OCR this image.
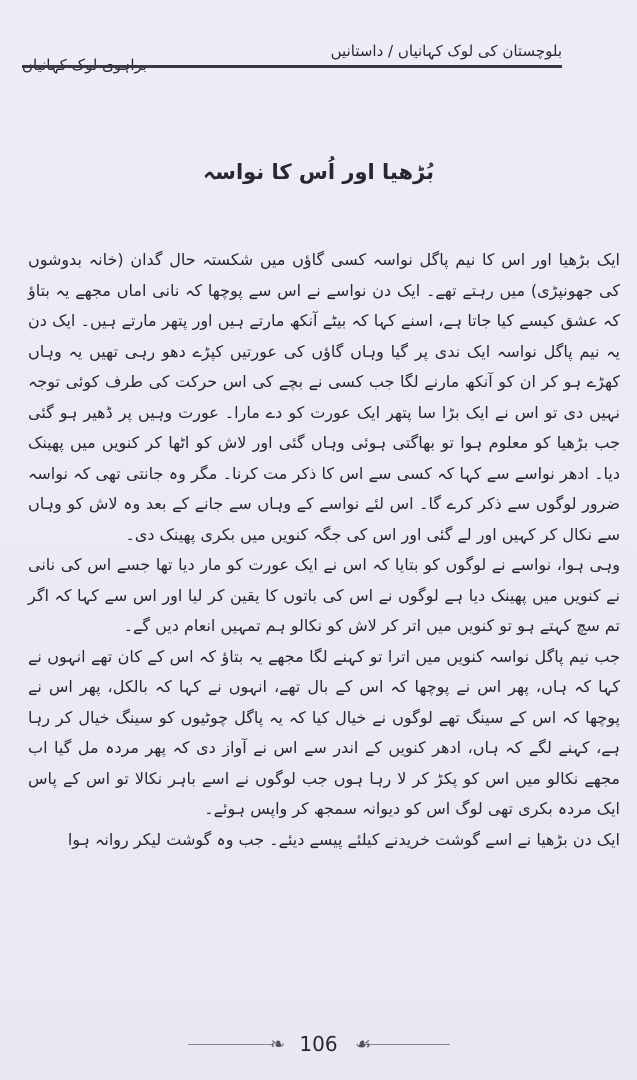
براہوی لوک کہانیاں
بلوچستان کی لوک کہانیاں / داستانیں
بُڑھیا اور اُس کا نواسہ

ایک بڑھیا اور اس کا نیم پاگل نواسہ کسی گاؤں میں شکستہ حال گدان (خانہ بدوشوں کی جھونپڑی) میں رہتے تھے۔ ایک دن نواسے نے اس سے پوچھا کہ نانی اماں مجھے یہ بتاؤ کہ عشق کیسے کیا جاتا ہے، اسنے کہا کہ بیٹے آنکھ مارتے ہیں اور پتھر مارتے ہیں۔ ایک دن یہ نیم پاگل نواسہ ایک ندی پر گیا وہاں گاؤں کی عورتیں کپڑے دھو رہی تھیں یہ وہاں کھڑے ہو کر ان کو آنکھ مارنے لگا جب کسی نے بچے کی اس حرکت کی طرف کوئی توجہ نہیں دی تو اس نے ایک بڑا سا پتھر ایک عورت کو دے مارا۔ عورت وہیں پر ڈھیر ہو گئی جب بڑھیا کو معلوم ہوا تو بھاگتی ہوئی وہاں گئی اور لاش کو اٹھا کر کنویں میں پھینک دیا۔ ادھر نواسے سے کہا کہ کسی سے اس کا ذکر مت کرنا۔ مگر وہ جانتی تھی کہ نواسہ ضرور لوگوں سے ذکر کرے گا۔ اس لئے نواسے کے وہاں سے جانے کے بعد وہ لاش کو وہاں سے نکال کر کہیں اور لے گئی اور اس کی جگہ کنویں میں بکری پھینک دی۔

وہی ہوا، نواسے نے لوگوں کو بتایا کہ اس نے ایک عورت کو مار دیا تھا جسے اس کی نانی نے کنویں میں پھینک دیا ہے لوگوں نے اس کی باتوں کا یقین کر لیا اور اس سے کہا کہ اگر تم سچ کہتے ہو تو کنویں میں اتر کر لاش کو نکالو ہم تمہیں انعام دیں گے۔

جب نیم پاگل نواسہ کنویں میں اترا تو کہنے لگا مجھے یہ بتاؤ کہ اس کے کان تھے انہوں نے کہا کہ ہاں، پھر اس نے پوچھا کہ اس کے بال تھے، انہوں نے کہا کہ بالکل، پھر اس نے پوچھا کہ اس کے سینگ تھے لوگوں نے خیال کیا کہ یہ پاگل چوٹیوں کو سینگ خیال کر رہا ہے، کہنے لگے کہ ہاں، ادھر کنویں کے اندر سے اس نے آواز دی کہ پھر مردہ مل گیا اب مجھے نکالو میں اس کو پکڑ کر لا رہا ہوں جب لوگوں نے اسے باہر نکالا تو اس کے پاس ایک مردہ بکری تھی لوگ اس کو دیوانہ سمجھ کر واپس ہوئے۔

ایک دن بڑھیا نے اسے گوشت خریدنے کیلئے پیسے دیئے۔ جب وہ گوشت لیکر روانہ ہوا

❧	☙
106
